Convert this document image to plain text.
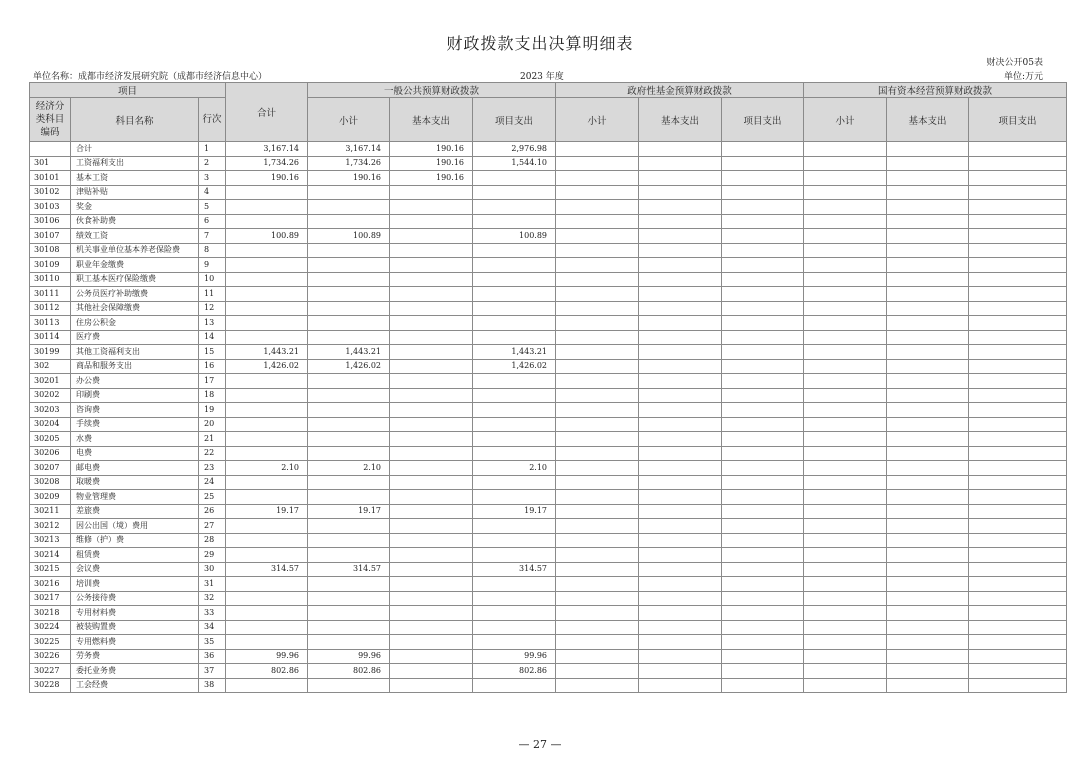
财政拨款支出决算明细表
财决公开05表
单位名称：成都市经济发展研究院（成都市经济信息中心）	2023 年度	单位:万元
项目			合计	一般公共预算财政拨款			政府性基金预算财政拨款			国有资本经营预算财政拨款		
经济分类科目编码	科目名称	行次		小计	基本支出	项目支出	小计	基本支出	项目支出	小计	基本支出	项目支出
	合计	1	3,167.14	3,167.14	190.16	2,976.98						
301	工资福利支出	2	1,734.26	1,734.26	190.16	1,544.10						
30101	基本工资	3	190.16	190.16	190.16							
30102	津贴补贴	4										
30103	奖金	5										
30106	伙食补助费	6										
30107	绩效工资	7	100.89	100.89		100.89						
30108	机关事业单位基本养老保险费	8										
30109	职业年金缴费	9										
30110	职工基本医疗保险缴费	10										
30111	公务员医疗补助缴费	11										
30112	其他社会保障缴费	12										
30113	住房公积金	13										
30114	医疗费	14										
30199	其他工资福利支出	15	1,443.21	1,443.21		1,443.21						
302	商品和服务支出	16	1,426.02	1,426.02		1,426.02						
30201	办公费	17										
30202	印刷费	18										
30203	咨询费	19										
30204	手续费	20										
30205	水费	21										
30206	电费	22										
30207	邮电费	23	2.10	2.10		2.10						
30208	取暖费	24										
30209	物业管理费	25										
30211	差旅费	26	19.17	19.17		19.17						
30212	因公出国（境）费用	27										
30213	维修（护）费	28										
30214	租赁费	29										
30215	会议费	30	314.57	314.57		314.57						
30216	培训费	31										
30217	公务接待费	32										
30218	专用材料费	33										
30224	被装购置费	34										
30225	专用燃料费	35										
30226	劳务费	36	99.96	99.96		99.96						
30227	委托业务费	37	802.86	802.86		802.86						
30228	工会经费	38										
— 27 —
